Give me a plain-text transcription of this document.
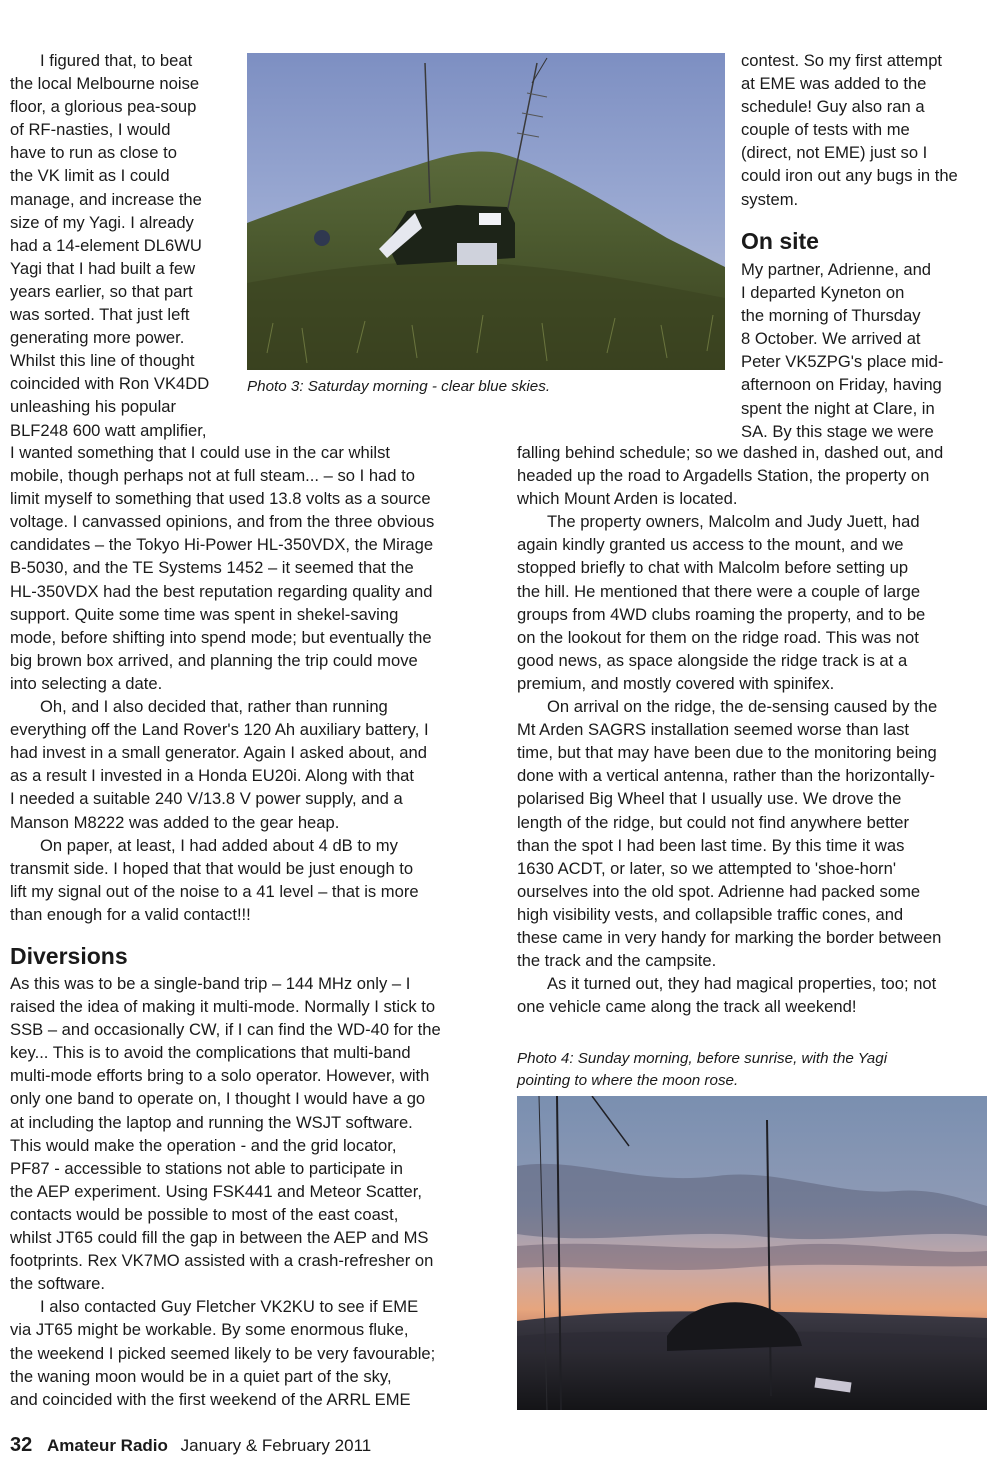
I figured that, to beat
the local Melbourne noise
floor, a glorious pea-soup
of RF-nasties, I would
have to run as close to
the VK limit as I could
manage, and increase the
size of my Yagi. I already
had a 14-element DL6WU
Yagi that I had built a few
years earlier, so that part
was sorted. That just left
generating more power.
Whilst this line of thought
coincided with Ron VK4DD
unleashing his popular
BLF248 600 watt amplifier,
I wanted something that I could use in the car whilst
mobile, though perhaps not at full steam... – so I had to
limit myself to something that used 13.8 volts as a source
voltage. I canvassed opinions, and from the three obvious
candidates – the Tokyo Hi-Power HL-350VDX, the Mirage
B-5030, and the TE Systems 1452 – it seemed that the
HL-350VDX had the best reputation regarding quality and
support. Quite some time was spent in shekel-saving
mode, before shifting into spend mode; but eventually the
big brown box arrived, and planning the trip could move
into selecting a date.
Oh, and I also decided that, rather than running
everything off the Land Rover's 120 Ah auxiliary battery, I
had invest in a small generator. Again I asked about, and
as a result I invested in a Honda EU20i. Along with that
I needed a suitable 240 V/13.8 V power supply, and a
Manson M8222 was added to the gear heap.
On paper, at least, I had added about 4 dB to my
transmit side. I hoped that that would be just enough to
lift my signal out of the noise to a 41 level – that is more
than enough for a valid contact!!!
Diversions
As this was to be a single-band trip – 144 MHz only – I
raised the idea of making it multi-mode. Normally I stick to
SSB – and occasionally CW, if I can find the WD-40 for the
key... This is to avoid the complications that multi-band
multi-mode efforts bring to a solo operator. However, with
only one band to operate on, I thought I would have a go
at including the laptop and running the WSJT software.
This would make the operation - and the grid locator,
PF87 - accessible to stations not able to participate in
the AEP experiment. Using FSK441 and Meteor Scatter,
contacts would be possible to most of the east coast,
whilst JT65 could fill the gap in between the AEP and MS
footprints. Rex VK7MO assisted with a crash-refresher on
the software.
I also contacted Guy Fletcher VK2KU to see if EME
via JT65 might be workable. By some enormous fluke,
the weekend I picked seemed likely to be very favourable;
the waning moon would be in a quiet part of the sky,
and coincided with the first weekend of the ARRL EME
contest. So my first attempt
at EME was added to the
schedule! Guy also ran a
couple of tests with me
(direct, not EME) just so I
could iron out any bugs in the
system.
On site
My partner, Adrienne, and
I departed Kyneton on
the morning of Thursday
8 October. We arrived at
Peter VK5ZPG's place mid-
afternoon on Friday, having
spent the night at Clare, in
SA. By this stage we were
falling behind schedule; so we dashed in, dashed out, and
headed up the road to Argadells Station, the property on
which Mount Arden is located.
The property owners, Malcolm and Judy Juett, had
again kindly granted us access to the mount, and we
stopped briefly to chat with Malcolm before setting up
the hill. He mentioned that there were a couple of large
groups from 4WD clubs roaming the property, and to be
on the lookout for them on the ridge road. This was not
good news, as space alongside the ridge track is at a
premium, and mostly covered with spinifex.
On arrival on the ridge, the de-sensing caused by the
Mt Arden SAGRS installation seemed worse than last
time, but that may have been due to the monitoring being
done with a vertical antenna, rather than the horizontally-
polarised Big Wheel that I usually use. We drove the
length of the ridge, but could not find anywhere better
than the spot I had been last time. By this time it was
1630 ACDT, or later, so we attempted to 'shoe-horn'
ourselves into the old spot. Adrienne had packed some
high visibility vests, and collapsible traffic cones, and
these came in very handy for marking the border between
the track and the campsite.
As it turned out, they had magical properties, too; not
one vehicle came along the track all weekend!

Photo 3: Saturday morning - clear blue skies.

Photo 4: Sunday morning, before sunrise, with the Yagi

pointing to where the moon rose.

32 Amateur Radio January & February 2011
